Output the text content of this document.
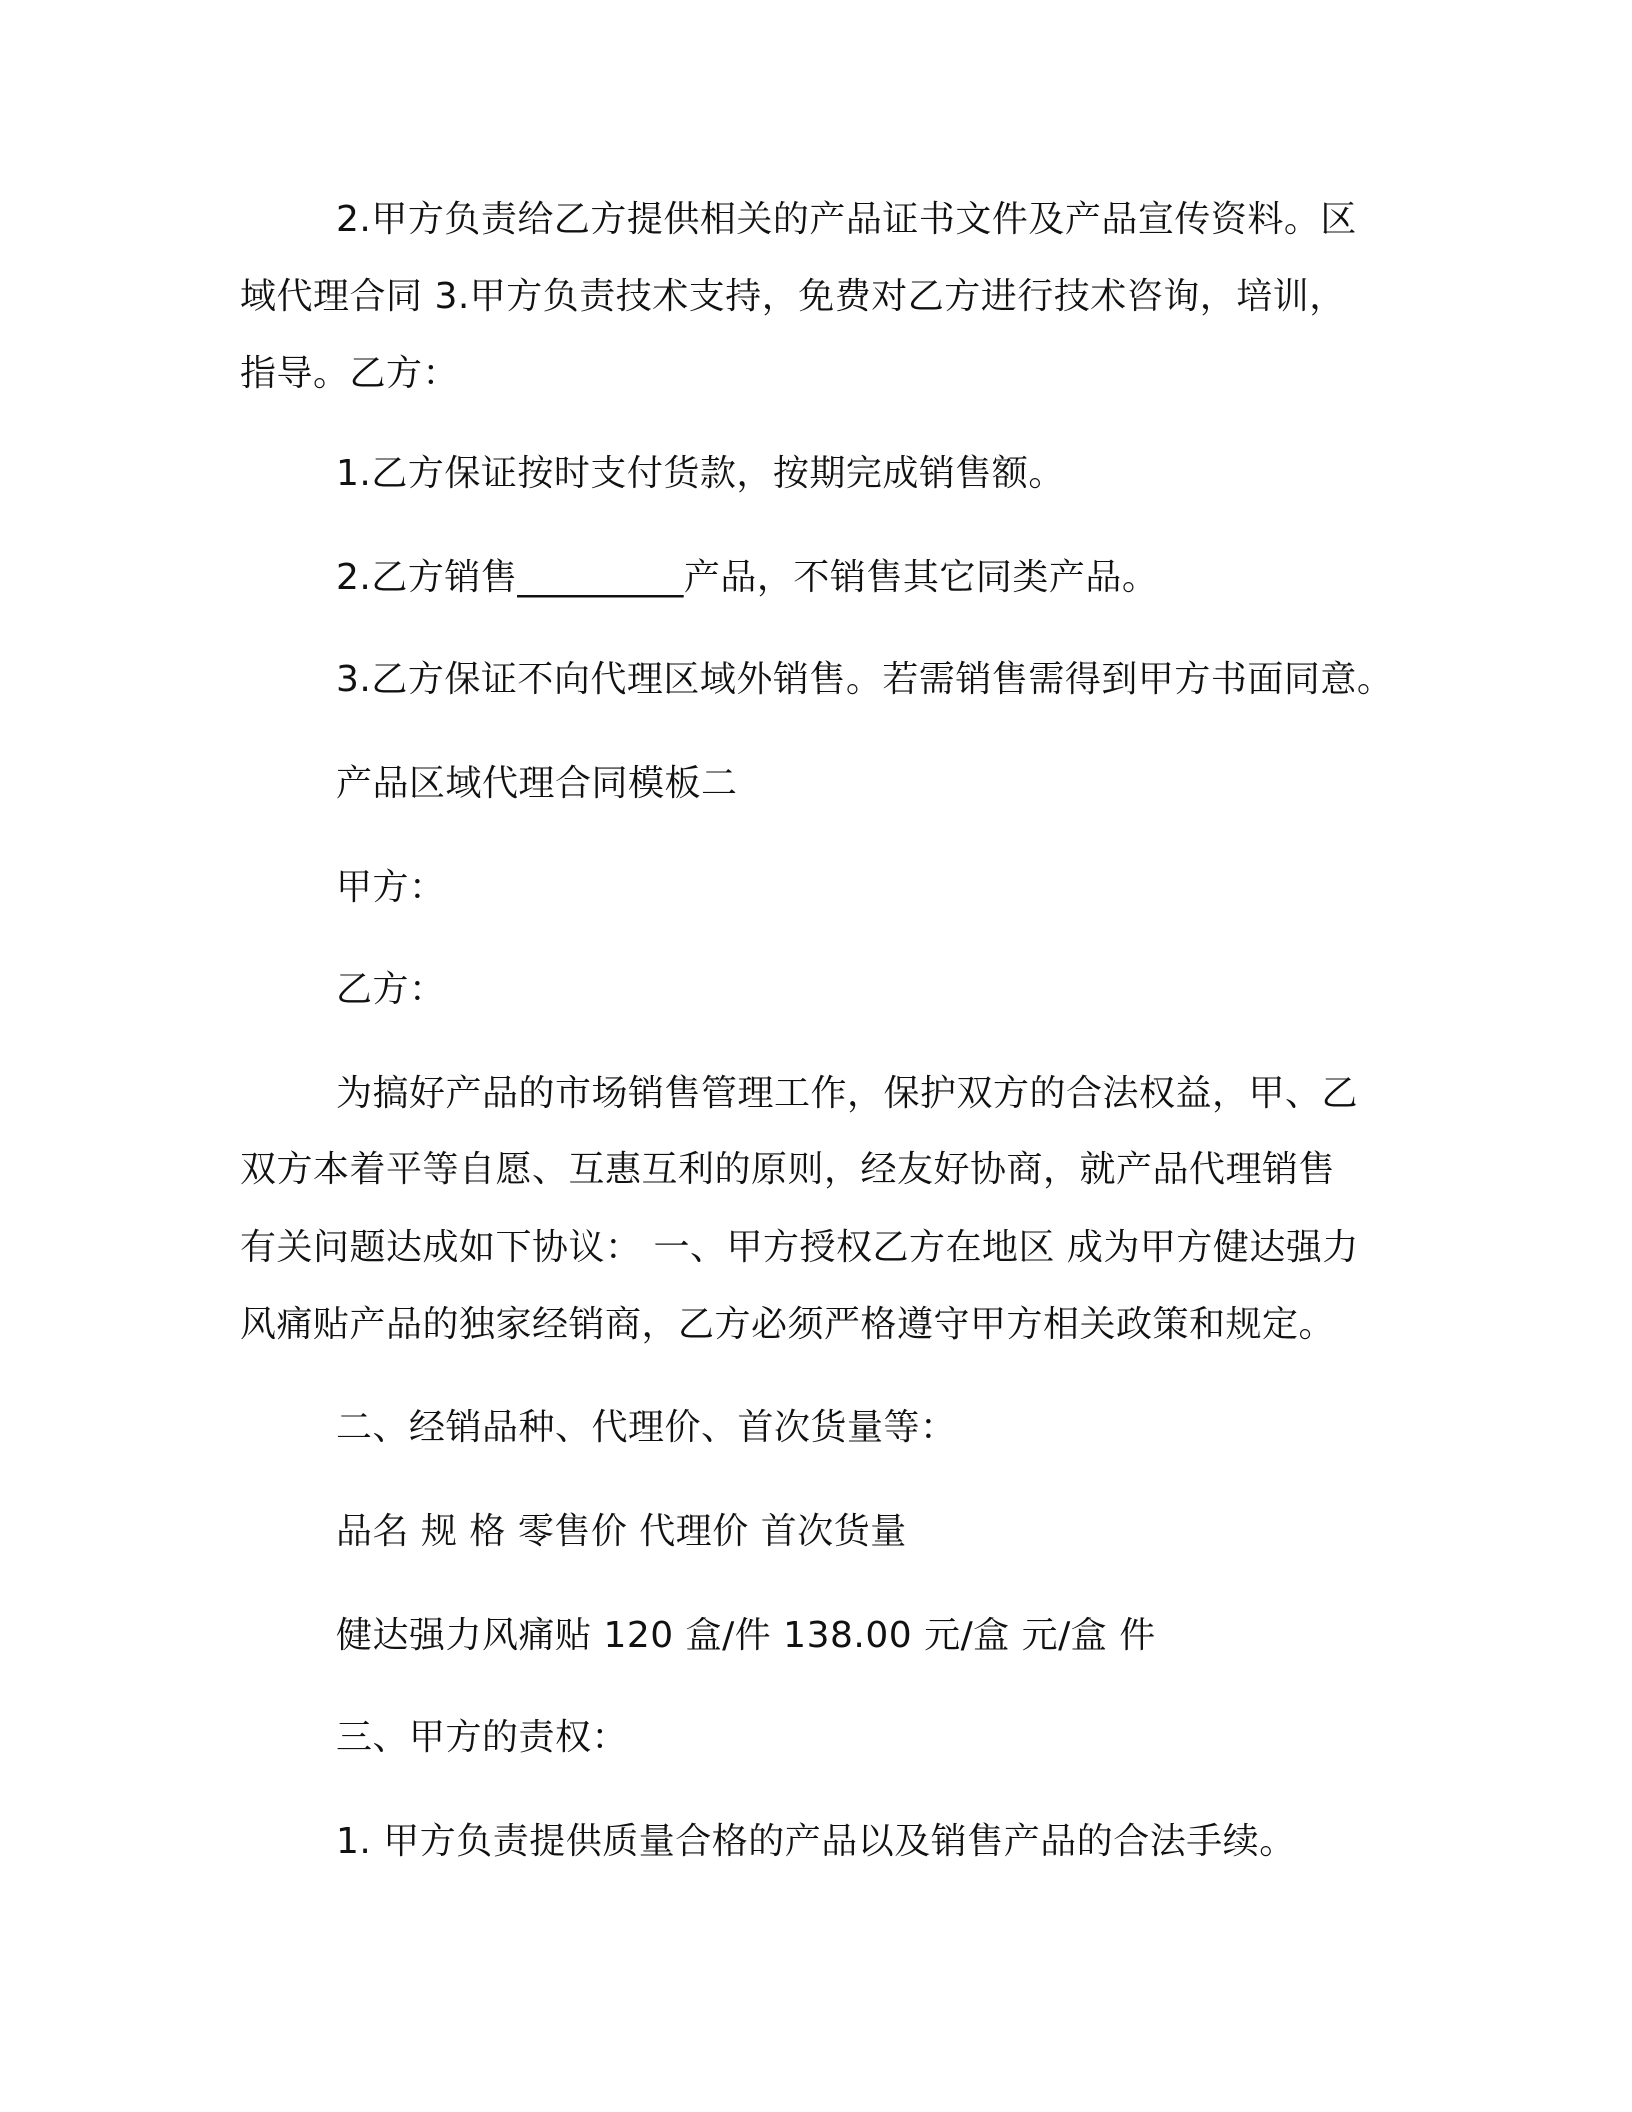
2.甲方负责给乙方提供相关的产品证书文件及产品宣传资料。区
域代理合同 3.甲方负责技术支持，免费对乙方进行技术咨询，培训，
指导。乙方：
1.乙方保证按时支付货款，按期完成销售额。
2.乙方销售_________产品，不销售其它同类产品。
3.乙方保证不向代理区域外销售。若需销售需得到甲方书面同意。
产品区域代理合同模板二
甲方：
乙方：
为搞好产品的市场销售管理工作，保护双方的合法权益，甲、乙
双方本着平等自愿、互惠互利的原则，经友好协商，就产品代理销售
有关问题达成如下协议： 一、甲方授权乙方在地区 成为甲方健达强力
风痛贴产品的独家经销商，乙方必须严格遵守甲方相关政策和规定。
二、经销品种、代理价、首次货量等：
品名 规 格 零售价 代理价 首次货量
健达强力风痛贴 120 盒/件 138.00 元/盒 元/盒 件
三、甲方的责权：
1. 甲方负责提供质量合格的产品以及销售产品的合法手续。
